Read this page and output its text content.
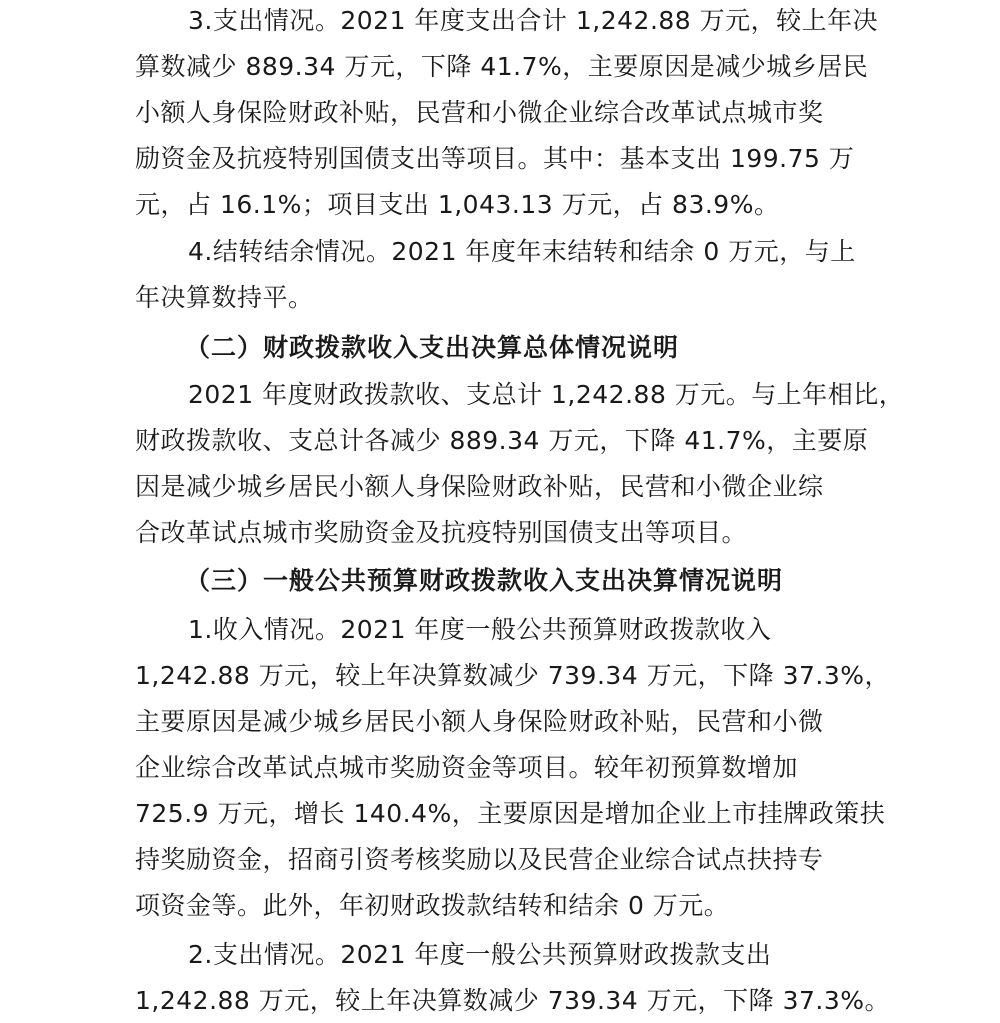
3.支出情况。2021 年度支出合计 1,242.88 万元，较上年决
算数减少 889.34 万元，下降 41.7%，主要原因是减少城乡居民
小额人身保险财政补贴，民营和小微企业综合改革试点城市奖
励资金及抗疫特别国债支出等项目。其中：基本支出 199.75 万
元，占 16.1%；项目支出 1,043.13 万元，占 83.9%。
4.结转结余情况。2021 年度年末结转和结余 0 万元，与上
年决算数持平。
（二）财政拨款收入支出决算总体情况说明
2021 年度财政拨款收、支总计 1,242.88 万元。与上年相比，
财政拨款收、支总计各减少 889.34 万元，下降 41.7%，主要原
因是减少城乡居民小额人身保险财政补贴，民营和小微企业综
合改革试点城市奖励资金及抗疫特别国债支出等项目。
（三）一般公共预算财政拨款收入支出决算情况说明
1.收入情况。2021 年度一般公共预算财政拨款收入
1,242.88 万元，较上年决算数减少 739.34 万元，下降 37.3%，
主要原因是减少城乡居民小额人身保险财政补贴，民营和小微
企业综合改革试点城市奖励资金等项目。较年初预算数增加
725.9 万元，增长 140.4%，主要原因是增加企业上市挂牌政策扶
持奖励资金，招商引资考核奖励以及民营企业综合试点扶持专
项资金等。此外，年初财政拨款结转和结余 0 万元。
2.支出情况。2021 年度一般公共预算财政拨款支出
1,242.88 万元，较上年决算数减少 739.34 万元，下降 37.3%。
